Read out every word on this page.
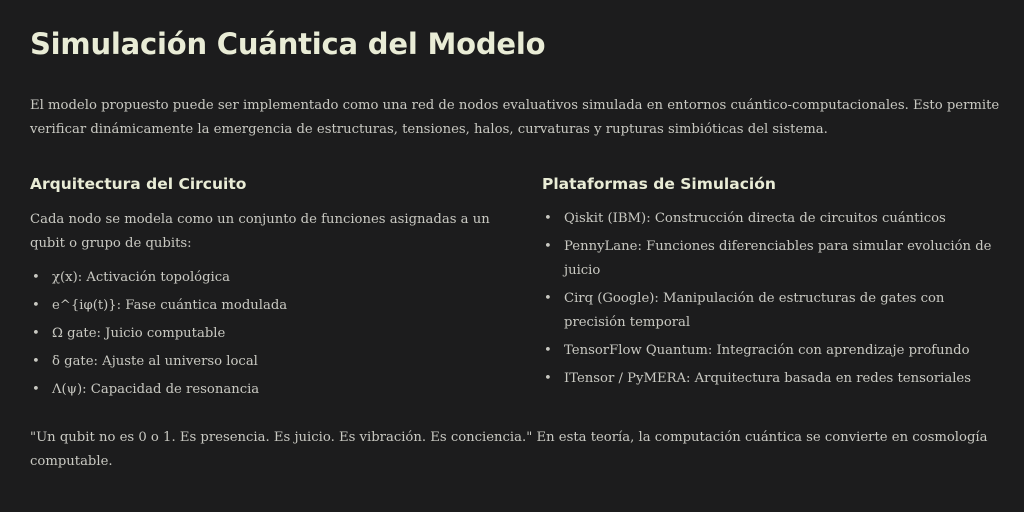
Simulación Cuántica del Modelo

El modelo propuesto puede ser implementado como una red de nodos evaluativos simulada en entornos cuántico-computacionales. Esto permite verificar dinámicamente la emergencia de estructuras, tensiones, halos, curvaturas y rupturas simbióticas del sistema.

Arquitectura del Circuito

Cada nodo se modela como un conjunto de funciones asignadas a un qubit o grupo de qubits:

• χ(x): Activación topológica
• e^{iφ(t)}: Fase cuántica modulada
• Ω gate: Juicio computable
• δ gate: Ajuste al universo local
• Λ(ψ): Capacidad de resonancia
Plataformas de Simulación
• Qiskit (IBM): Construcción directa de circuitos cuánticos
• PennyLane: Funciones diferenciables para simular evolución de juicio
• Cirq (Google): Manipulación de estructuras de gates con precisión temporal
• TensorFlow Quantum: Integración con aprendizaje profundo
• ITensor / PyMERA: Arquitectura basada en redes tensoriales

"Un qubit no es 0 o 1. Es presencia. Es juicio. Es vibración. Es conciencia." En esta teoría, la computación cuántica se convierte en cosmología computable.
